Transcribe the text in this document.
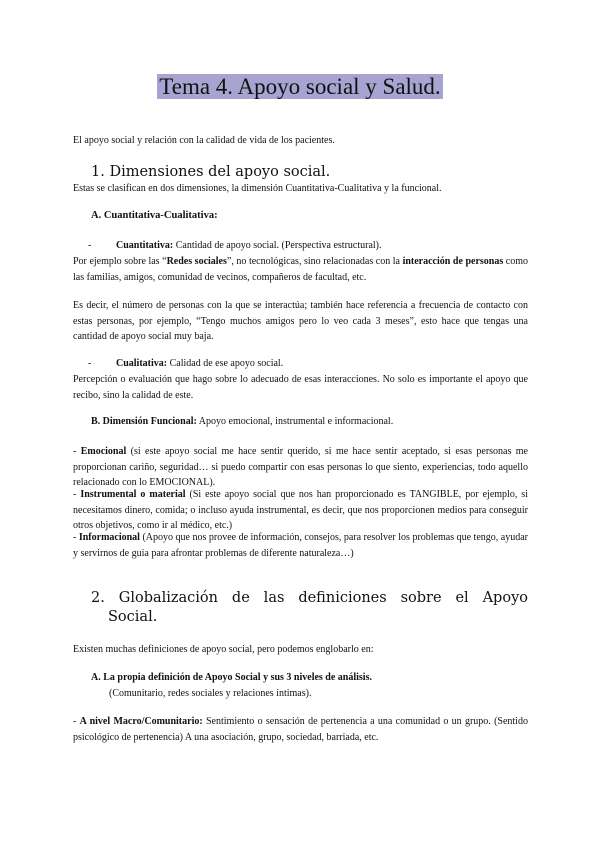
Tema 4. Apoyo social y Salud.
El apoyo social y relación con la calidad de vida de los pacientes.
1. Dimensiones del apoyo social.
Estas se clasifican en dos dimensiones, la dimensión Cuantitativa-Cualitativa y la funcional.
A. Cuantitativa-Cualitativa:
- Cuantitativa: Cantidad de apoyo social. (Perspectiva estructural).
Por ejemplo sobre las “Redes sociales”, no tecnológicas, sino relacionadas con la interacción de personas como las familias, amigos, comunidad de vecinos, compañeros de facultad, etc.
Es decir, el número de personas con la que se interactúa; también hace referencia a frecuencia de contacto con estas personas, por ejemplo, “Tengo muchos amigos pero lo veo cada 3 meses”, esto hace que tengas una cantidad de apoyo social muy baja.
- Cualitativa: Calidad de ese apoyo social.
Percepción o evaluación que hago sobre lo adecuado de esas interacciones. No solo es importante el apoyo que recibo, sino la calidad de este.
B. Dimensión Funcional: Apoyo emocional, instrumental e informacional.
- Emocional (si este apoyo social me hace sentir querido, si me hace sentir aceptado, si esas personas me proporcionan cariño, seguridad… si puedo compartir con esas personas lo que siento, experiencias, todo aquello relacionado con lo EMOCIONAL).
- Instrumental o material (Si este apoyo social que nos han proporcionado es TANGIBLE, por ejemplo, si necesitamos dinero, comida; o incluso ayuda instrumental, es decir, que nos proporcionen medios para conseguir otros objetivos, como ir al médico, etc.)
- Informacional (Apoyo que nos provee de información, consejos, para resolver los problemas que tengo, ayudar y servirnos de guía para afrontar problemas de diferente naturaleza…)
2. Globalización de las definiciones sobre el Apoyo
Social.
Existen muchas definiciones de apoyo social, pero podemos englobarlo en:
A. La propia definición de Apoyo Social y sus 3 niveles de análisis.
(Comunitario, redes sociales y relaciones íntimas).
- A nivel Macro/Comunitario: Sentimiento o sensación de pertenencia a una comunidad o un grupo. (Sentido psicológico de pertenencia) A una asociación, grupo, sociedad, barriada, etc.
